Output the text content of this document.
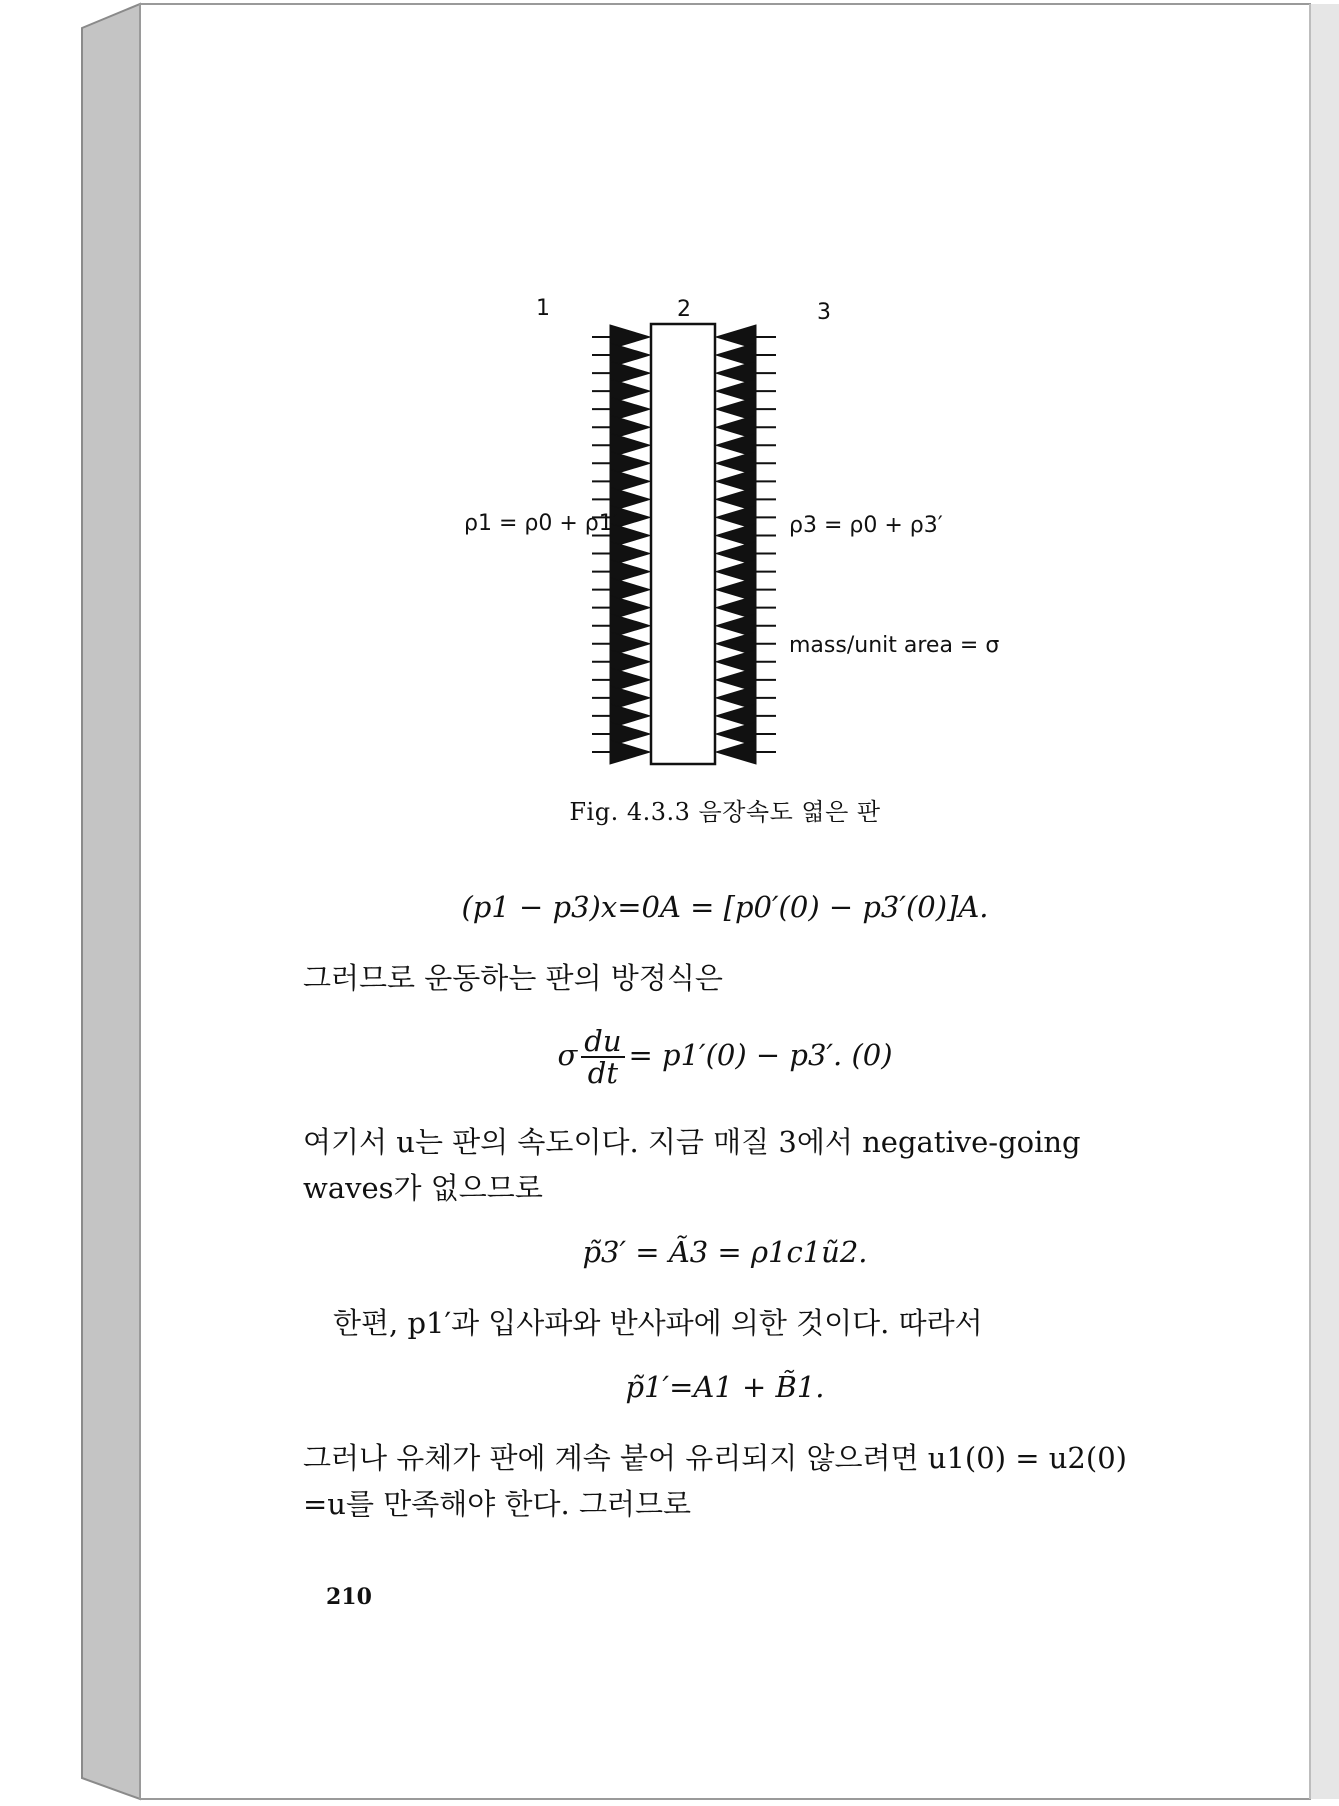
1	2	3
ρ1 = ρ0 + ρ1′	ρ3 = ρ0 + ρ3′
mass/unit area = σ
Fig. 4.3.3 음장속도 엷은 판
(p1 − p3)x=0A = [p0′(0) − p3′(0)]A.
그러므로 운동하는 판의 방정식은
σ $\frac{du}{dt} = p1'(0) - p3'$. (0)
여기서 u는 판의 속도이다. 지금 매질 3에서 negative-going
waves가 없으므로
p̃3′ = Ã3 = ρ1c1ũ2.
한편, p1′과 입사파와 반사파에 의한 것이다. 따라서
p̃1′=A1 + B̃1.
그러나 유체가 판에 계속 붙어 유리되지 않으려면 u1(0) = u2(0)
=u를 만족해야 한다. 그러므로
210
